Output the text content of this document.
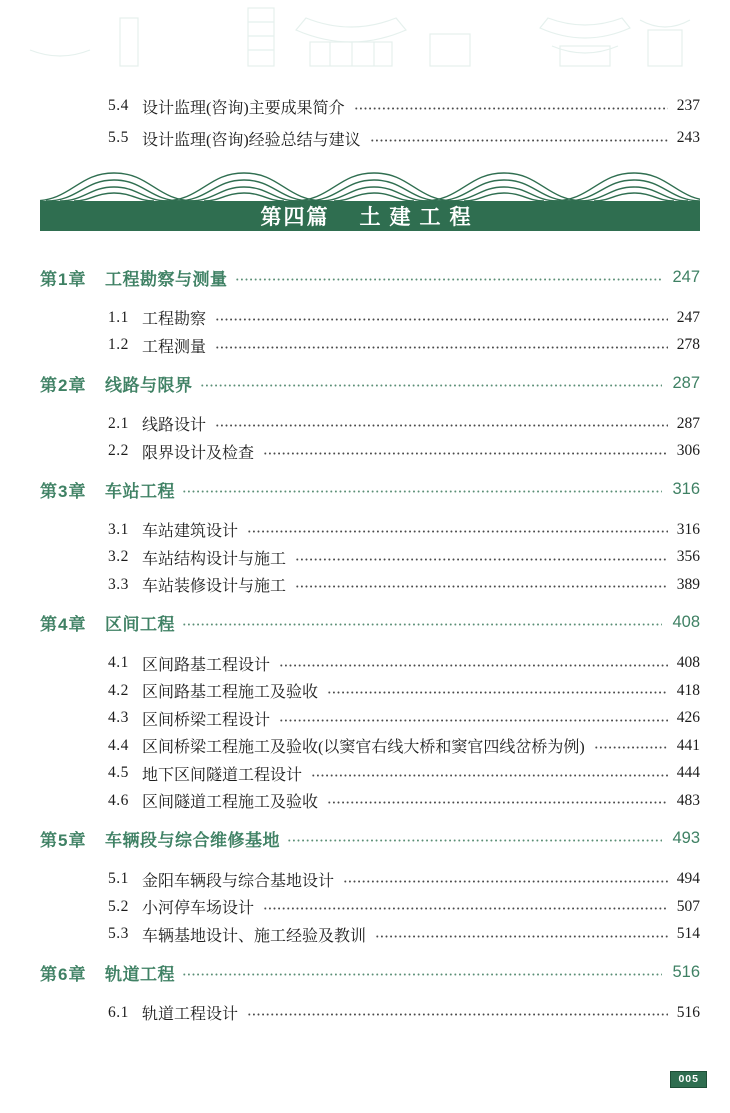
5.4 设计监理(咨询)主要成果简介	237
5.5 设计监理(咨询)经验总结与建议	243
第四篇 土建工程
第1章	工程勘察与测量	247
1.1 工程勘察	247
1.2 工程测量	278
第2章	线路与限界	287
2.1 线路设计	287
2.2 限界设计及检查	306
第3章	车站工程	316
3.1 车站建筑设计	316
3.2 车站结构设计与施工	356
3.3 车站装修设计与施工	389
第4章	区间工程	408
4.1 区间路基工程设计	408
4.2 区间路基工程施工及验收	418
4.3 区间桥梁工程设计	426
4.4 区间桥梁工程施工及验收(以窦官右线大桥和窦官四线岔桥为例)	441
4.5 地下区间隧道工程设计	444
4.6 区间隧道工程施工及验收	483
第5章	车辆段与综合维修基地	493
5.1 金阳车辆段与综合基地设计	494
5.2 小河停车场设计	507
5.3 车辆基地设计、施工经验及教训	514
第6章	轨道工程	516
6.1 轨道工程设计	516
005
